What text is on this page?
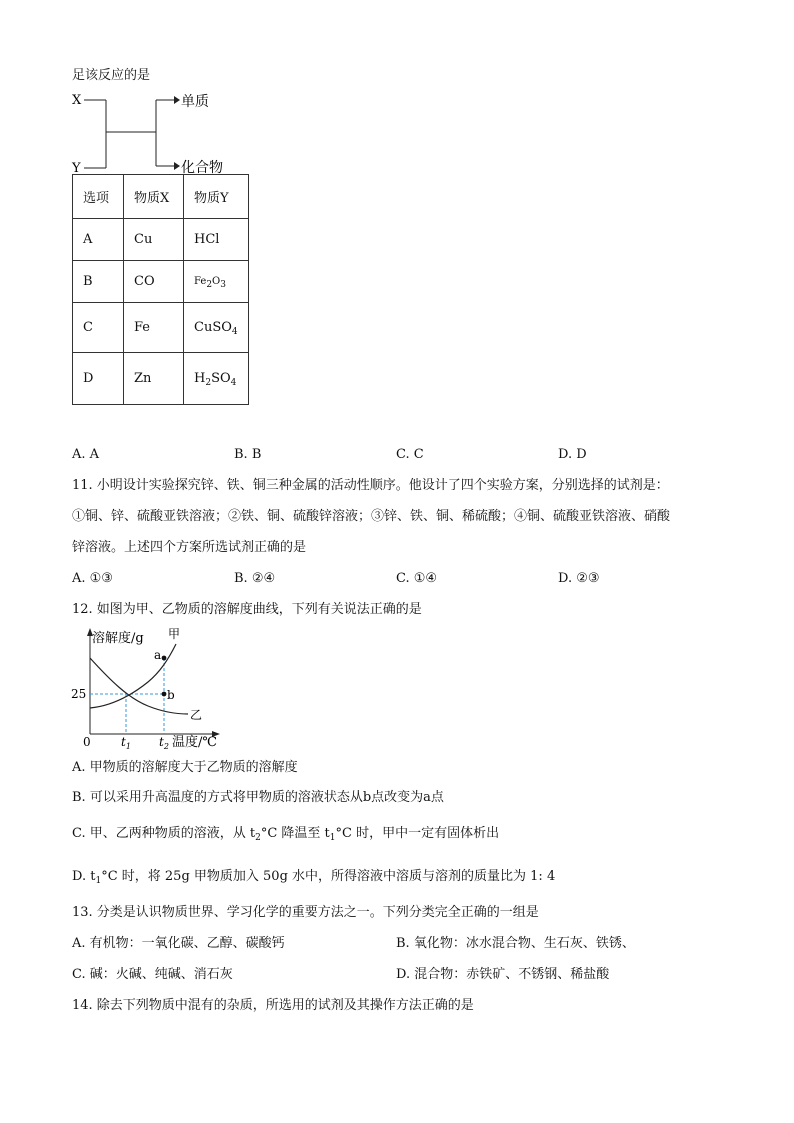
足该反应的是
X
Y
单质
化合物
选项	物质X	物质Y
A	Cu	HCl
B	CO	$Fe_2O_3$
C	Fe	CuSO$_4$
D	Zn	$H_2SO_4$
A. A	B. B	C. C	D. D
11. 小明设计实验探究锌、铁、铜三种金属的活动性顺序。他设计了四个实验方案，分别选择的试剂是：
①铜、锌、硫酸亚铁溶液；②铁、铜、硫酸锌溶液；③锌、铁、铜、稀硫酸；④铜、硫酸亚铁溶液、硝酸
锌溶液。上述四个方案所选试剂正确的是
A. ①③	B. ②④	C. ①④	D. ②③
12. 如图为甲、乙物质的溶解度曲线，下列有关说法正确的是
溶解度/g
温度/℃
0
25
甲
乙
a
b
$t_1$ $t_2$
A. 甲物质的溶解度大于乙物质的溶解度
B. 可以采用升高温度的方式将甲物质的溶液状态从b点改变为a点
C. 甲、乙两种物质的溶液，从 $t_2^\circ C$ 降温至 $t_1^\circ C$ 时，甲中一定有固体析出
D. $t_1^\circ C$ 时，将 25g 甲物质加入 50g 水中，所得溶液中溶质与溶剂的质量比为 1: 4
13. 分类是认识物质世界、学习化学的重要方法之一。下列分类完全正确的一组是
A. 有机物：一氧化碳、乙醇、碳酸钙	B. 氧化物：冰水混合物、生石灰、铁锈、
C. 碱：火碱、纯碱、消石灰	D. 混合物：赤铁矿、不锈钢、稀盐酸
14. 除去下列物质中混有的杂质，所选用的试剂及其操作方法正确的是
